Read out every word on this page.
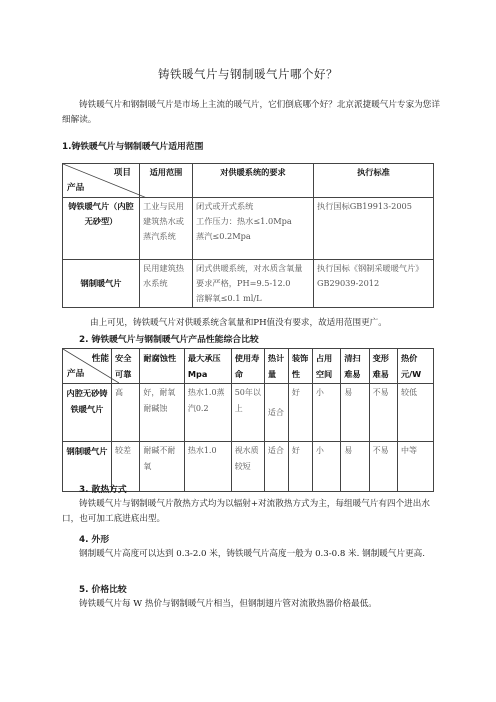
铸铁暖气片与钢制暖气片哪个好？
铸铁暖气片和钢制暖气片是市场上主流的暖气片，它们倒底哪个好？北京派捷暖气片专家为您详细解读。
1.铸铁暖气片与钢制暖气片适用范围
项目
产品	适用范围	对供暖系统的要求	执行标准
铸铁暖气片（内腔无砂型）	工业与民用建筑热水或蒸汽系统	闭式或开式系统
工作压力：热水≤1.0Mpa
蒸汽≤0.2Mpa	执行国标GB19913-2005
钢制暖气片	民用建筑热水系统	闭式供暖系统，对水质含氧量要求严格，PH=9.5-12.0
溶解氧≤0.1 ml/L	执行国标《钢制采暖暖气片》GB29039-2012
由上可见，铸铁暖气片对供暖系统含氧量和PH值没有要求，故适用范围更广。
2. 铸铁暖气片与钢制暖气片产品性能综合比较
性能
产品	安全可靠	耐腐蚀性	最大承压Mpa	使用寿命	热计量	装饰性	占用空间	清扫难易	变形难易	热价元/W
内腔无砂铸铁暖气片	高	好，耐氧耐碱蚀	热水1.0蒸汽0.2	50年以上	适合	好	小	易	不易	较低
钢制暖气片	较差	耐碱不耐氧	热水1.0	视水质较短	适合	好	小	易	不易	中等
3. 散热方式
铸铁暖气片与钢制暖气片散热方式均为以辐射+对流散热方式为主，每组暖气片有四个进出水口，也可加工底进底出型。
4. 外形
钢制暖气片高度可以达到 0.3-2.0 米，铸铁暖气片高度一般为 0.3-0.8 米. 钢制暖气片更高.
5. 价格比较
铸铁暖气片每 W 热价与钢制暖气片相当，但钢制翅片管对流散热器价格最低。
